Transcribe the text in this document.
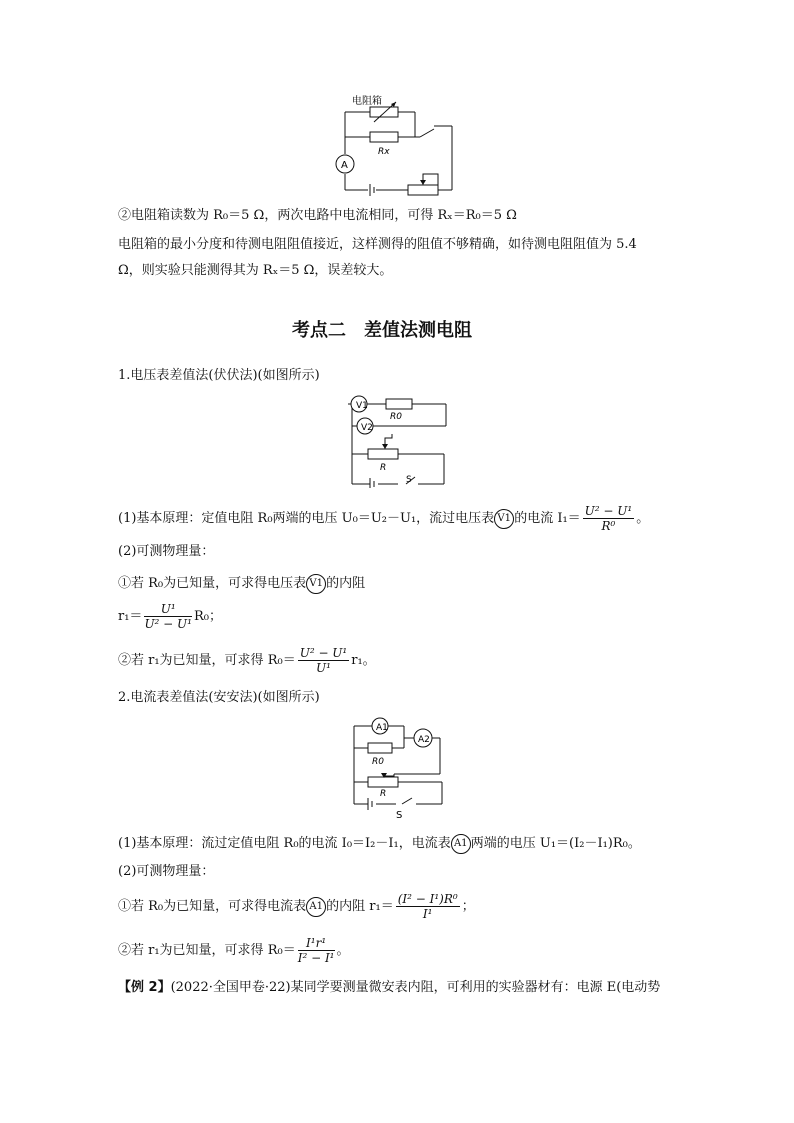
电阻箱
Rx
A
②电阻箱读数为 R₀＝5 Ω，两次电路中电流相同，可得 Rₓ＝R₀＝5 Ω
电阻箱的最小分度和待测电阻阻值接近，这样测得的阻值不够精确，如待测电阻阻值为 5.4
Ω，则实验只能测得其为 Rₓ＝5 Ω，误差较大。
考点二　差值法测电阻
1.电压表差值法(伏伏法)(如图所示)
V1
V2
R0
R
S
(1)基本原理：定值电阻 R₀两端的电压 U₀＝U₂－U₁，流过电压表 V1 的电流 $I_1= \frac{\text{U² − U¹}}{\text{R⁰}}$ 。
(2)可测物理量：
①若 R₀为已知量，可求得电压表 V1 的内阻
$r_1= \frac{\text{U¹}}{\text{U² − U¹}} R_0$；
②若 r₁为已知量，可求得 $R_0= \frac{\text{U² − U¹}}{\text{U¹}} r_1$。
2.电流表差值法(安安法)(如图所示)
A1
A2
R0
R
S
(1)基本原理：流过定值电阻 R₀的电流 I₀＝I₂－I₁，电流表 A1 两端的电压 U₁＝(I₂－I₁)R₀。
(2)可测物理量：
①若 R₀为已知量，可求得电流表 A1 的内阻 $r_1= \frac{\text{(I² − I¹)R⁰}}{\text{I¹}}$ ；
②若 r₁为已知量，可求得 $R_0= \frac{\text{I¹r¹}}{\text{I² − I¹}}$ 。
【例 2】(2022·全国甲卷·22)某同学要测量微安表内阻，可利用的实验器材有：电源 E(电动势
